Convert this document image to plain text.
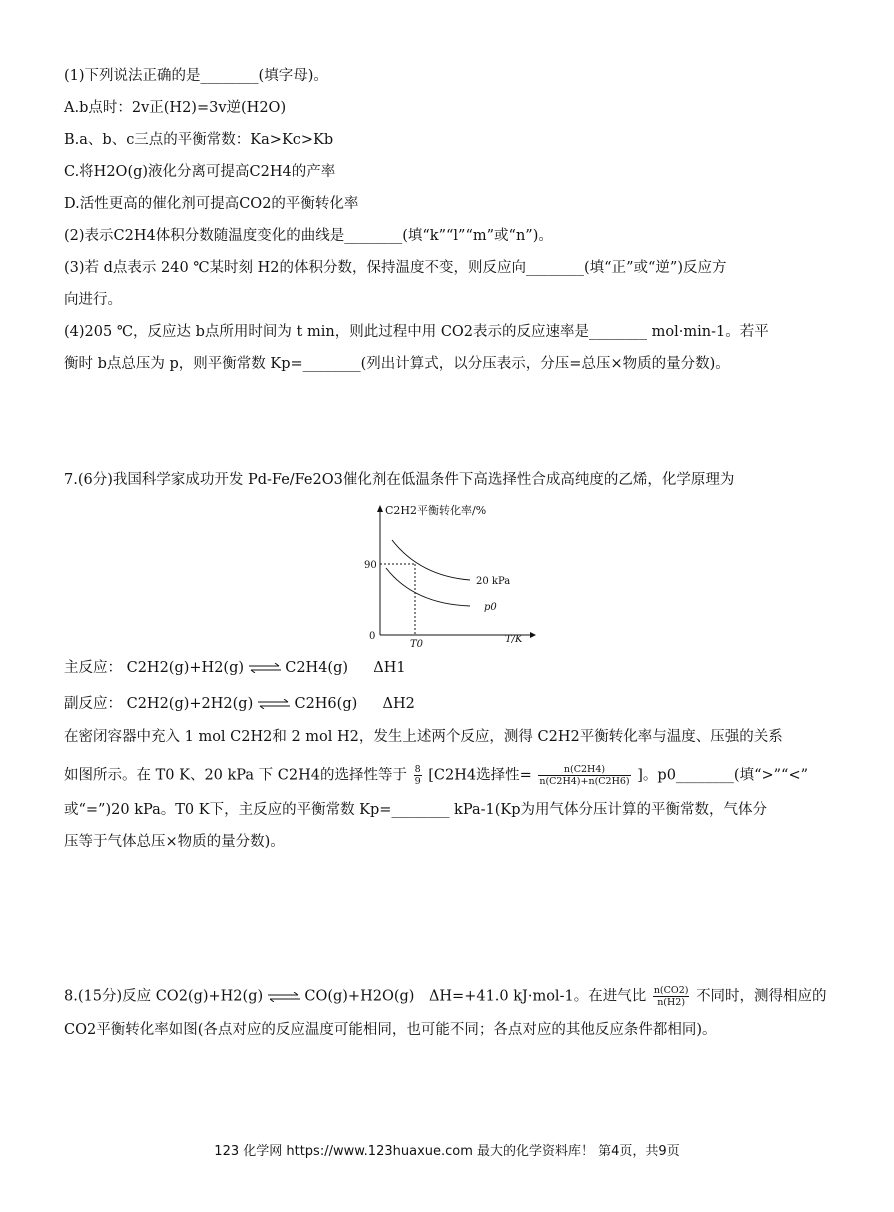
(1)下列说法正确的是________(填字母)。
A.b点时：2v正(H2)=3v逆(H2O)
B.a、b、c三点的平衡常数：Ka>Kc>Kb
C.将H2O(g)液化分离可提高C2H4的产率
D.活性更高的催化剂可提高CO2的平衡转化率
(2)表示C2H4体积分数随温度变化的曲线是________(填“k”“l”“m”或“n”)。
(3)若 d点表示 240 ℃某时刻 H2的体积分数，保持温度不变，则反应向________(填“正”或“逆”)反应方
向进行。
(4)205 ℃，反应达 b点所用时间为 t min，则此过程中用 CO2表示的反应速率是________ mol·min-1。若平
衡时 b点总压为 p，则平衡常数 Kp=________(列出计算式，以分压表示，分压=总压×物质的量分数)。
7.(6分)我国科学家成功开发 Pd-Fe/Fe2O3催化剂在低温条件下高选择性合成高纯度的乙烯，化学原理为
C2H2平衡转化率/%
T/K
0
90
T0
20 kPa
p0
主反应： C2H2(g)+H2(g) ⇌ C2H4(g) ΔH1
副反应： C2H2(g)+2H2(g) ⇌ C2H6(g) ΔH2
在密闭容器中充入 1 mol C2H2和 2 mol H2，发生上述两个反应，测得 C2H2平衡转化率与温度、压强的关系
如图所示。在 T0 K、20 kPa 下 C2H4的选择性等于 $\frac{8}{9} [C2H4$选择性= $\frac{n(C2H4)}{n(C2H4)+n(C2H6)}$ ]。p0________(填“>”“<”
或“=”)20 kPa。T0 K下，主反应的平衡常数 Kp=________ kPa-1(Kp为用气体分压计算的平衡常数，气体分
压等于气体总压×物质的量分数)。
8.(15分)反应 CO2(g)+H2(g) ⇌ CO(g)+H2O(g)　ΔH=+41.0 kJ·mol-1。在进气比 $\frac{n(CO2)}{n(H2)}$ 不同时，测得相应的
CO2平衡转化率如图(各点对应的反应温度可能相同，也可能不同；各点对应的其他反应条件都相同)。
123 化学网 https://www.123huaxue.com 最大的化学资料库！ 第4页，共9页
